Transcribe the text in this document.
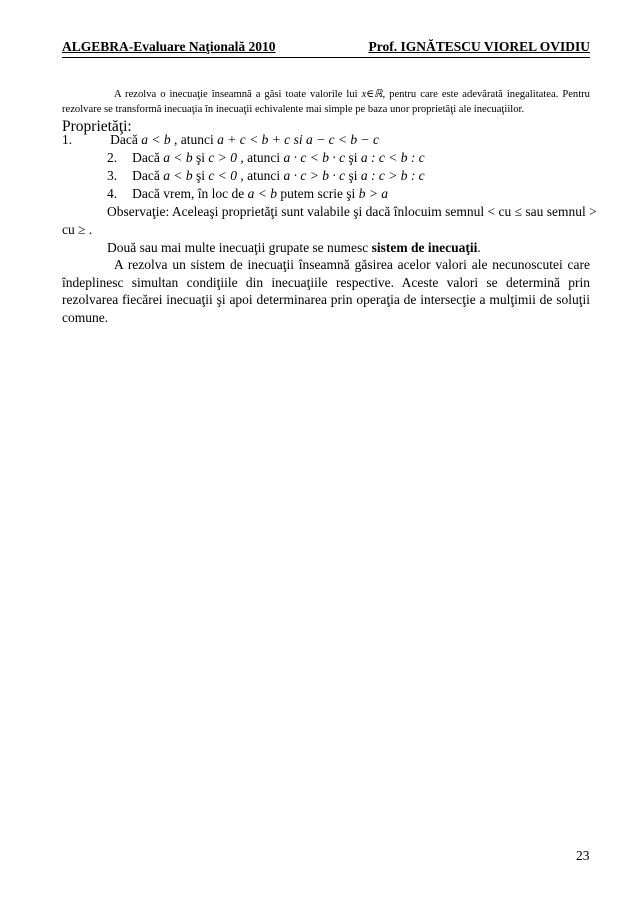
ALGEBRA-Evaluare Naţională 2010	Prof. IGNĂTESCU VIOREL OVIDIU
A rezolva o inecuaţie înseamnă a găsi toate valorile lui x∈ℝ, pentru care este adevărată inegalitatea. Pentru rezolvare se transformă inecuaţia în inecuaţii echivalente mai simple pe baza unor proprietăţi ale inecuaţiilor.
Proprietăţi:
1.	Dacă a < b , atunci a + c < b + c si a − c < b − c
2. Dacă a < b şi c > 0 , atunci a · c < b · c şi a : c < b : c
3. Dacă a < b şi c < 0 , atunci a · c > b · c şi a : c > b : c
4. Dacă vrem, în loc de a < b putem scrie şi b > a
Observaţie: Aceleaşi proprietăţi sunt valabile şi dacă înlocuim semnul < cu ≤ sau semnul >
cu ≥ .
Două sau mai multe inecuaţii grupate se numesc sistem de inecuaţii.
A rezolva un sistem de inecuaţii înseamnă găsirea acelor valori ale necunoscutei care îndeplinesc simultan condiţiile din inecuaţiile respective. Aceste valori se determină prin rezolvarea fiecărei inecuaţii şi apoi determinarea prin operaţia de intersecţie a mulţimii de soluţii comune.
23
